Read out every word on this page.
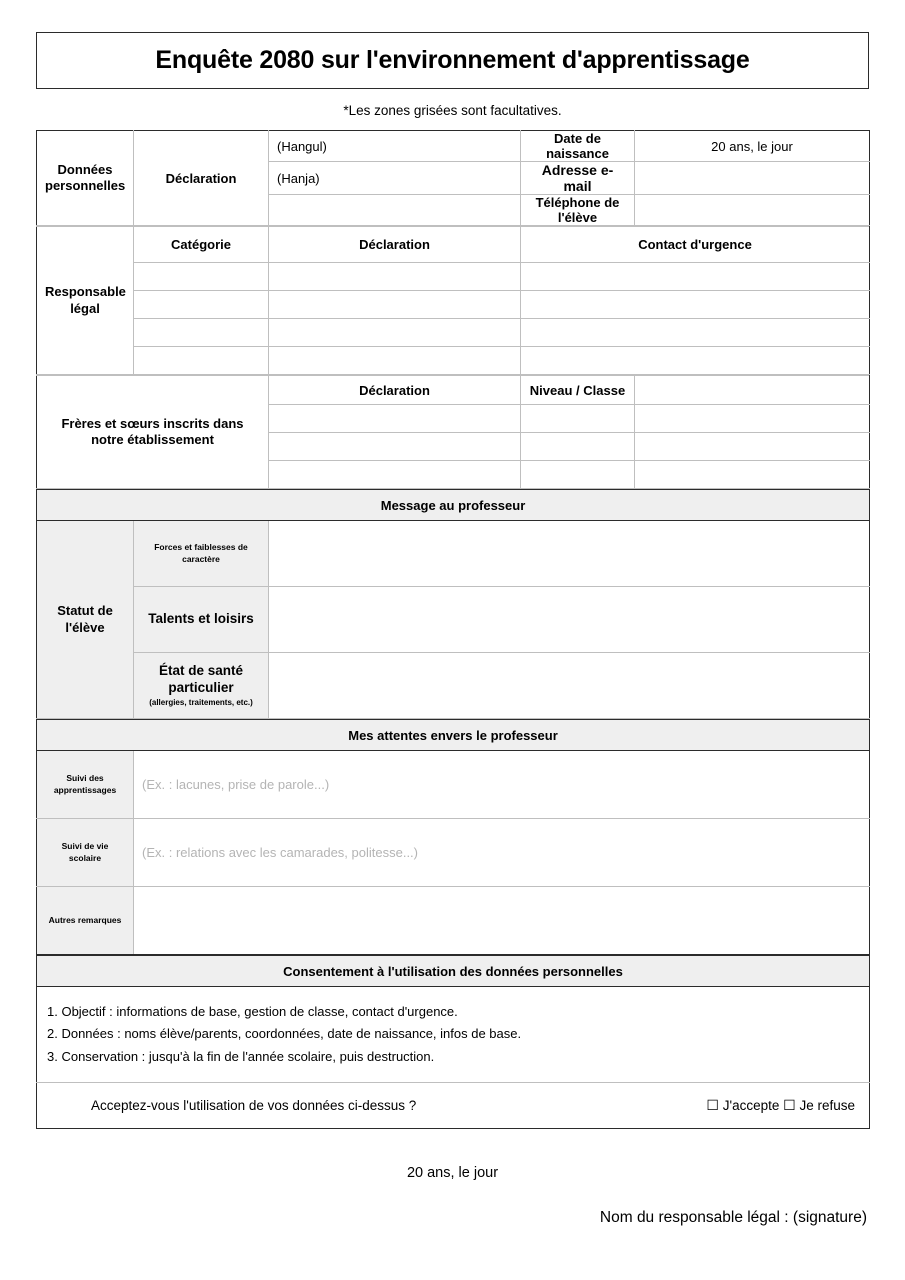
Enquête 2080 sur l'environnement d'apprentissage
*Les zones grisées sont facultatives.
Données personnelles	Déclaration	(Hangul)	Date de naissance	20 ans, le jour
		(Hanja)	Adresse e-mail	
			Téléphone de l'élève	
Responsable légal	Catégorie	Déclaration	Contact d'urgence

Frères et sœurs inscrits dans notre établissement	Déclaration	Niveau / Classe	

Message au professeur		
Statut de l'élève	Forces et faiblesses de caractère	

	Talents et loisirs	

	État de santé particulier
(allergies, traitements, etc.)	

Mes attentes envers le professeur	

Suivi des apprentissages	(Ex. : lacunes, prise de parole...)

Suivi de vie scolaire	(Ex. : relations avec les camarades, politesse...)

Autres remarques	

Consentement à l'utilisation des données personnelles

1. Objectif : informations de base, gestion de classe, contact d'urgence.
2. Données : noms élève/parents, coordonnées, date de naissance, infos de base.
3. Conservation : jusqu'à la fin de l'année scolaire, puis destruction.

Acceptez-vous l'utilisation de vos données ci-dessus ?	☐ J'accepte ☐ Je refuse
20 ans, le jour
Nom du responsable légal : (signature)
